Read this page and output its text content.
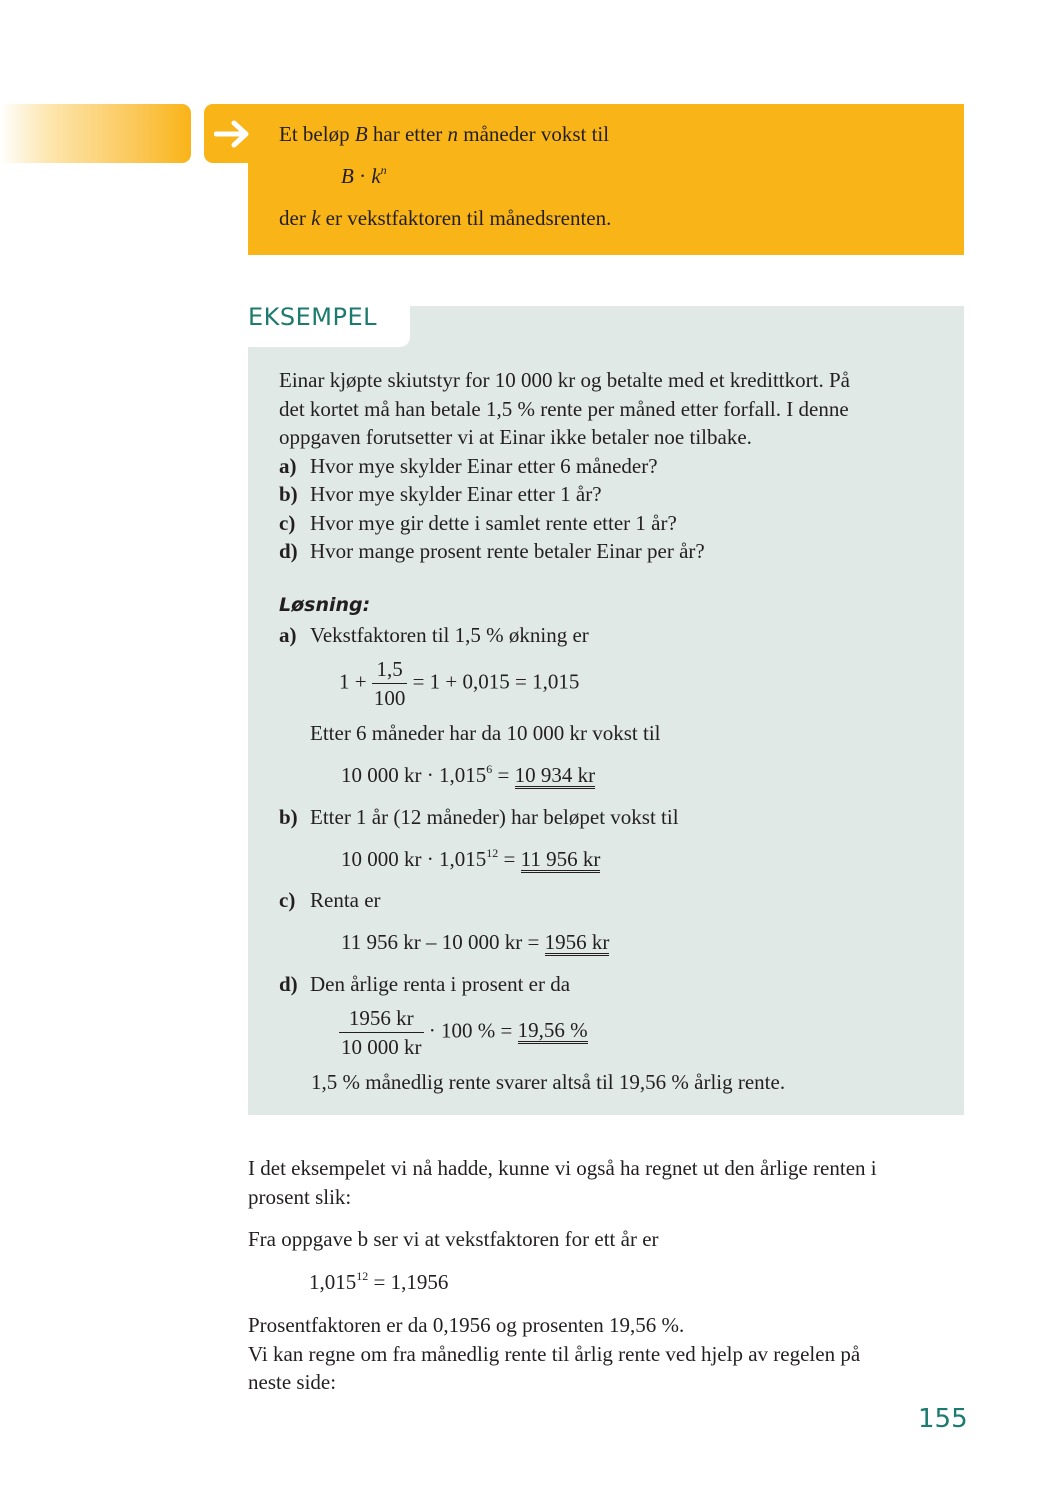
Et beløp B har etter n måneder vokst til
$B \cdot k^n$
der k er vekstfaktoren til månedsrenten.
EKSEMPEL
Einar kjøpte skiutstyr for 10 000 kr og betalte med et kredittkort. På
det kortet må han betale 1,5 % rente per måned etter forfall. I denne
oppgaven forutsetter vi at Einar ikke betaler noe tilbake.
a) Hvor mye skylder Einar etter 6 måneder?
b) Hvor mye skylder Einar etter 1 år?
c) Hvor mye gir dette i samlet rente etter 1 år?
d) Hvor mange prosent rente betaler Einar per år?
Løsning:
a) Vekstfaktoren til 1,5 % økning er
$1 + \frac{1,5}{100} = 1 + 0,015 = 1,015$
Etter 6 måneder har da 10 000 kr vokst til
10 000 kr · $1,015^6 = 10$ 934 kr
b) Etter 1 år (12 måneder) har beløpet vokst til
10 000 kr · $1,015^{12} = 11$ 956 kr
c) Renta er
11 956 kr – 10 000 kr = 1956 kr
d) Den årlige renta i prosent er da
$\frac{1956 kr}{10 000 kr} \cdot 100$ % = 19,56 %
1,5 % månedlig rente svarer altså til 19,56 % årlig rente.
I det eksempelet vi nå hadde, kunne vi også ha regnet ut den årlige renten i
prosent slik:
Fra oppgave b ser vi at vekstfaktoren for ett år er
$1,015^{12} = 1,1956$
Prosentfaktoren er da 0,1956 og prosenten 19,56 %.
Vi kan regne om fra månedlig rente til årlig rente ved hjelp av regelen på
neste side:
155
